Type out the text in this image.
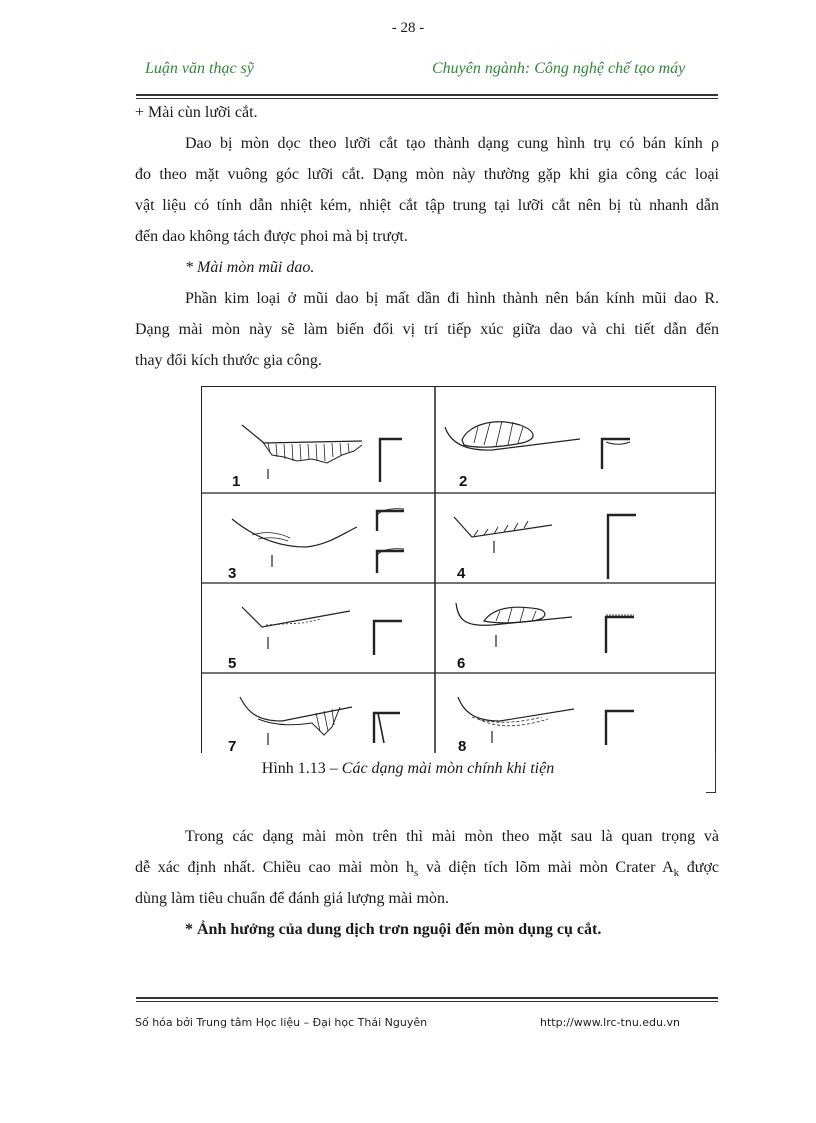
- 28 -
Luận văn thạc sỹ	Chuyên ngành: Công nghệ chế tạo máy
+ Mài cùn lưỡi cắt.
Dao bị mòn dọc theo lưỡi cắt tạo thành dạng cung hình trụ có bán kính ρ
đo theo mặt vuông góc lưỡi cắt. Dạng mòn này thường gặp khi gia công các loại
vật liệu có tính dẫn nhiệt kém, nhiệt cắt tập trung tại lưỡi cắt nên bị tù nhanh dẫn
đến dao không tách được phoi mà bị trượt.
* Mài mòn mũi dao.
Phần kim loại ở mũi dao bị mất dần đi hình thành nên bán kính mũi dao R.
Dạng mài mòn này sẽ làm biến đổi vị trí tiếp xúc giữa dao và chi tiết dẫn đến
thay đổi kích thước gia công.
1	2
3	4
5	6
7	8
Hình 1.13 – Các dạng mài mòn chính khi tiện
Trong các dạng mài mòn trên thì mài mòn theo mặt sau là quan trọng và
dễ xác định nhất. Chiều cao mài mòn $h_s$ và diện tích lõm mài mòn Crater $A_k$ được
dùng làm tiêu chuẩn để đánh giá lượng mài mòn.
* Ảnh hưởng của dung dịch trơn nguội đến mòn dụng cụ cắt.
Số hóa bởi Trung tâm Học liệu – Đại học Thái Nguyên	http://www.lrc-tnu.edu.vn
